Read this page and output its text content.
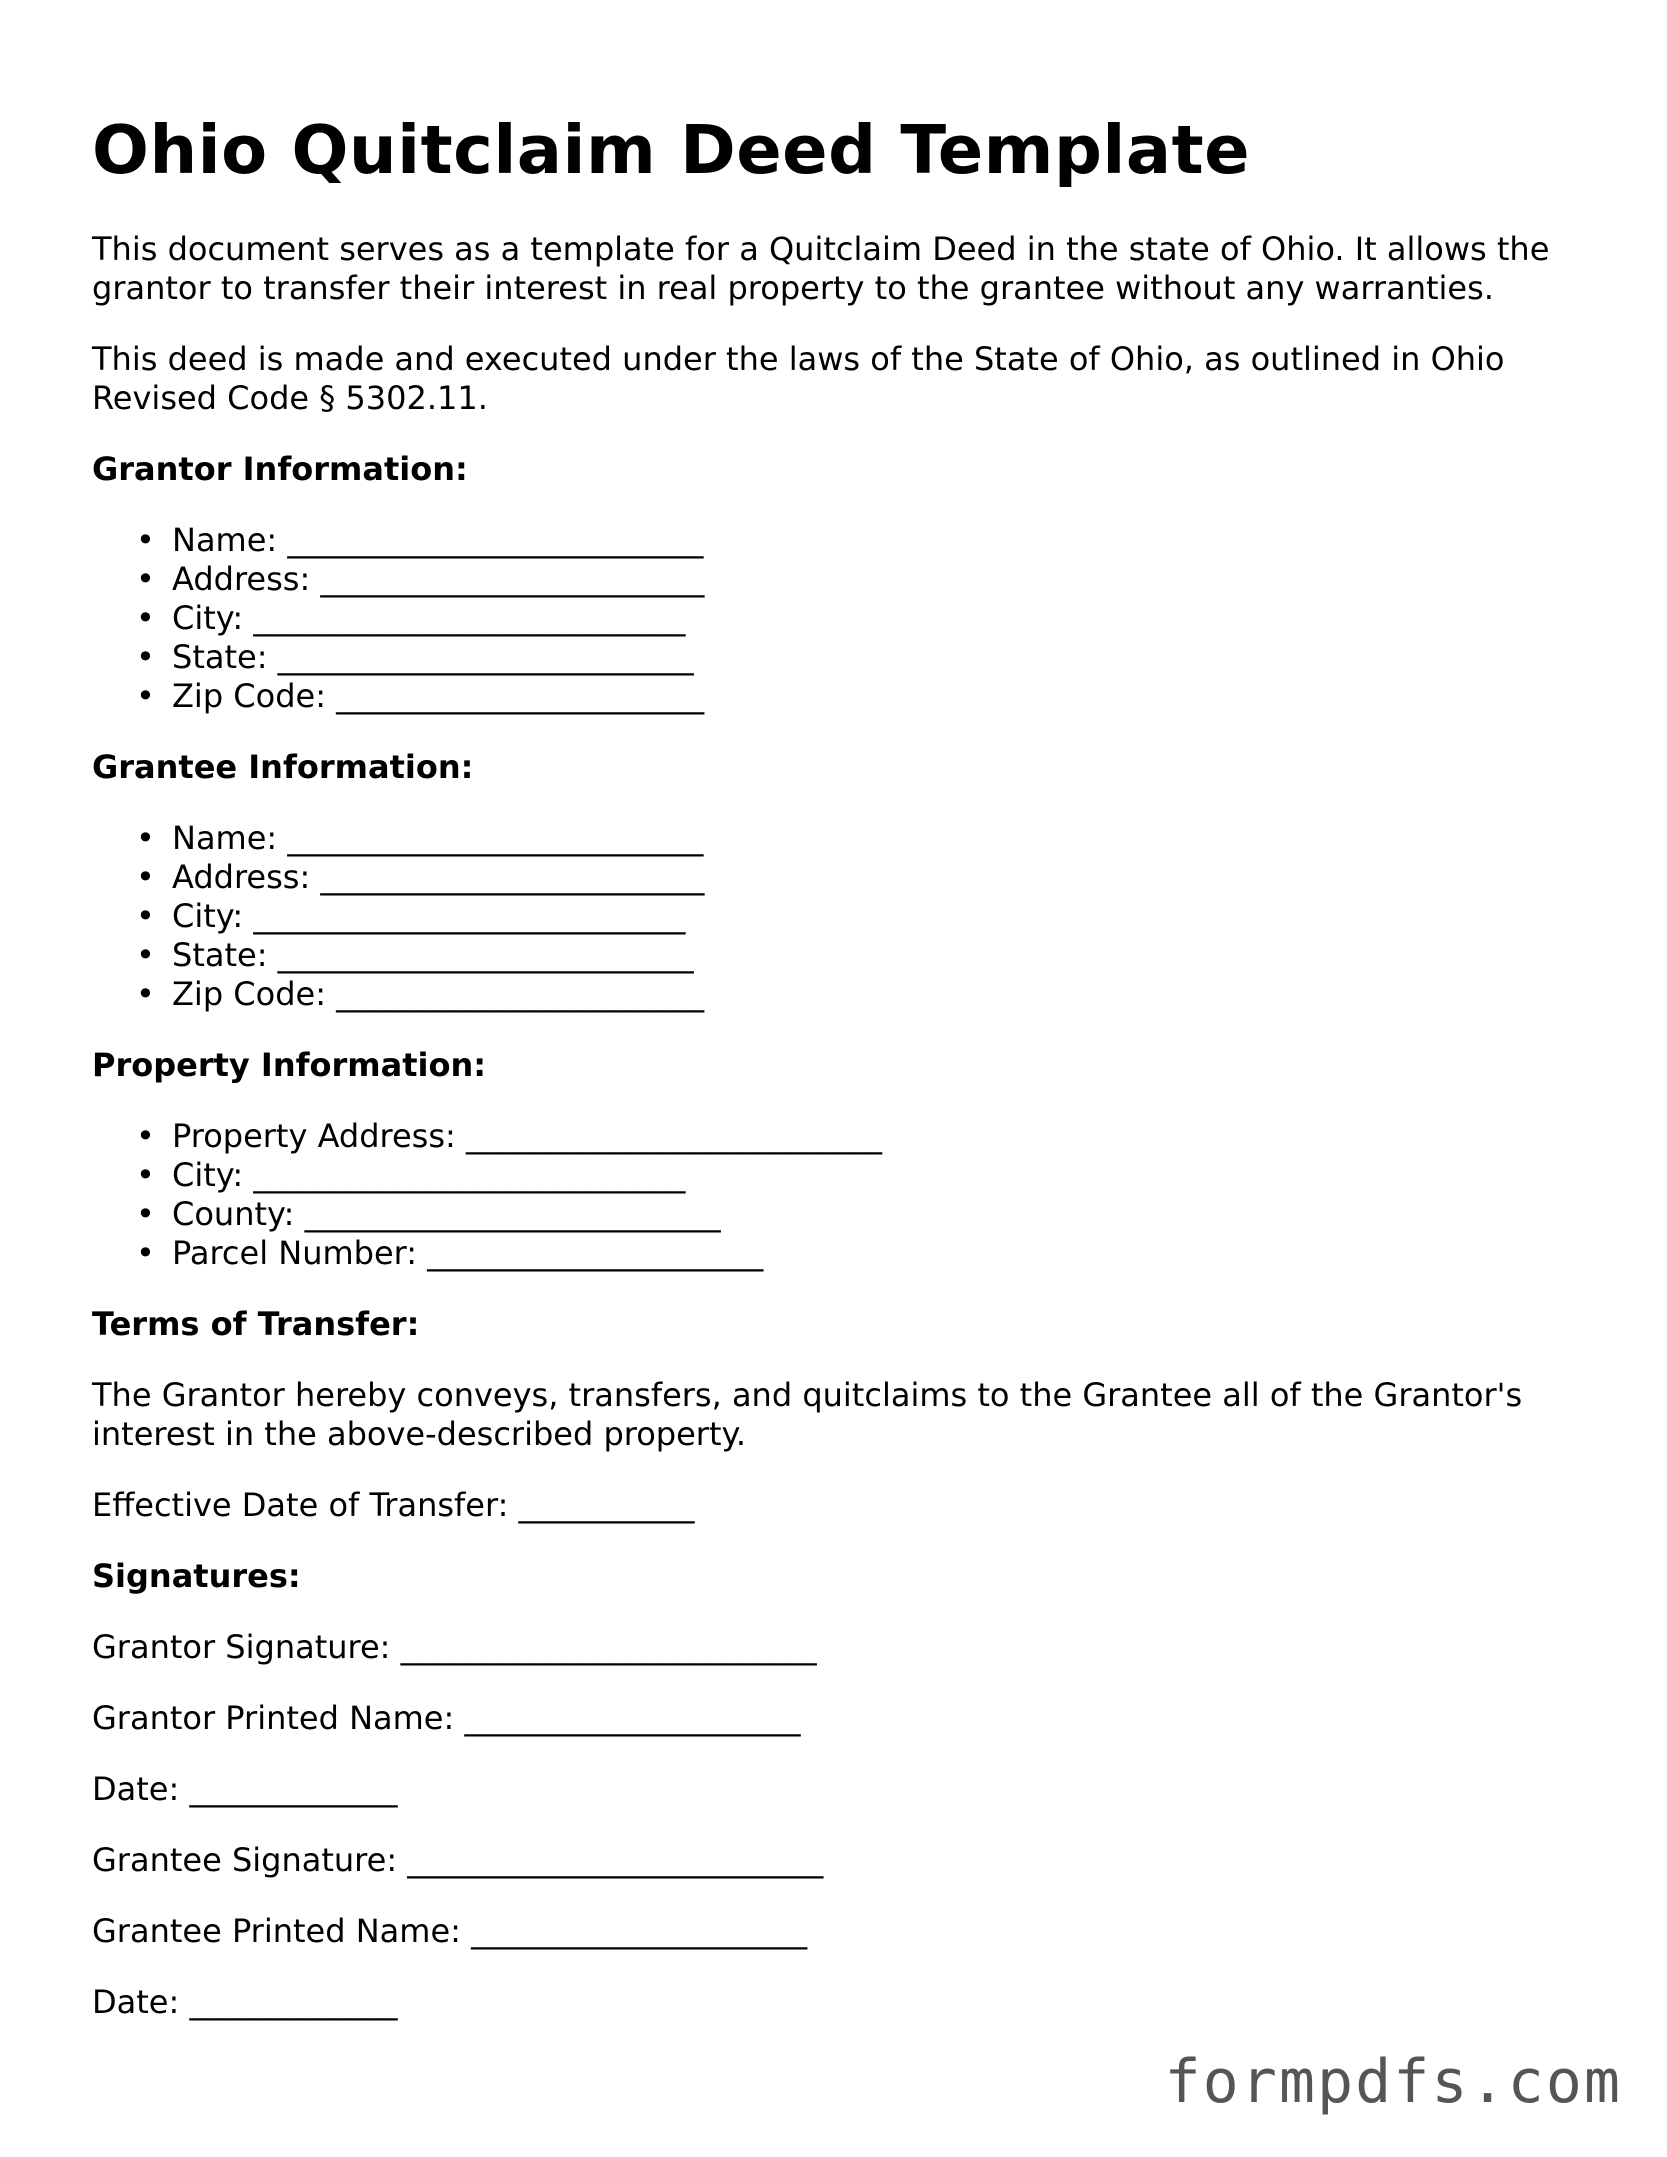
Ohio Quitclaim Deed Template

This document serves as a template for a Quitclaim Deed in the state of Ohio. It allows the grantor to transfer their interest in real property to the grantee without any warranties.

This deed is made and executed under the laws of the State of Ohio, as outlined in Ohio Revised Code § 5302.11.

Grantor Information:
• Name: __________________________
• Address: ________________________
• City: ___________________________
• State: __________________________
• Zip Code: _______________________
Grantee Information:
• Name: __________________________
• Address: ________________________
• City: ___________________________
• State: __________________________
• Zip Code: _______________________
Property Information:
• Property Address: __________________________
• City: ___________________________
• County: __________________________
• Parcel Number: _____________________
Terms of Transfer:

The Grantor hereby conveys, transfers, and quitclaims to the Grantee all of the Grantor's interest in the above-described property.

Effective Date of Transfer: ___________

Signatures:
Grantor Signature: __________________________
Grantor Printed Name: _____________________
Date: _____________
Grantee Signature: __________________________
Grantee Printed Name: _____________________
Date: _____________
formpdfs.com
